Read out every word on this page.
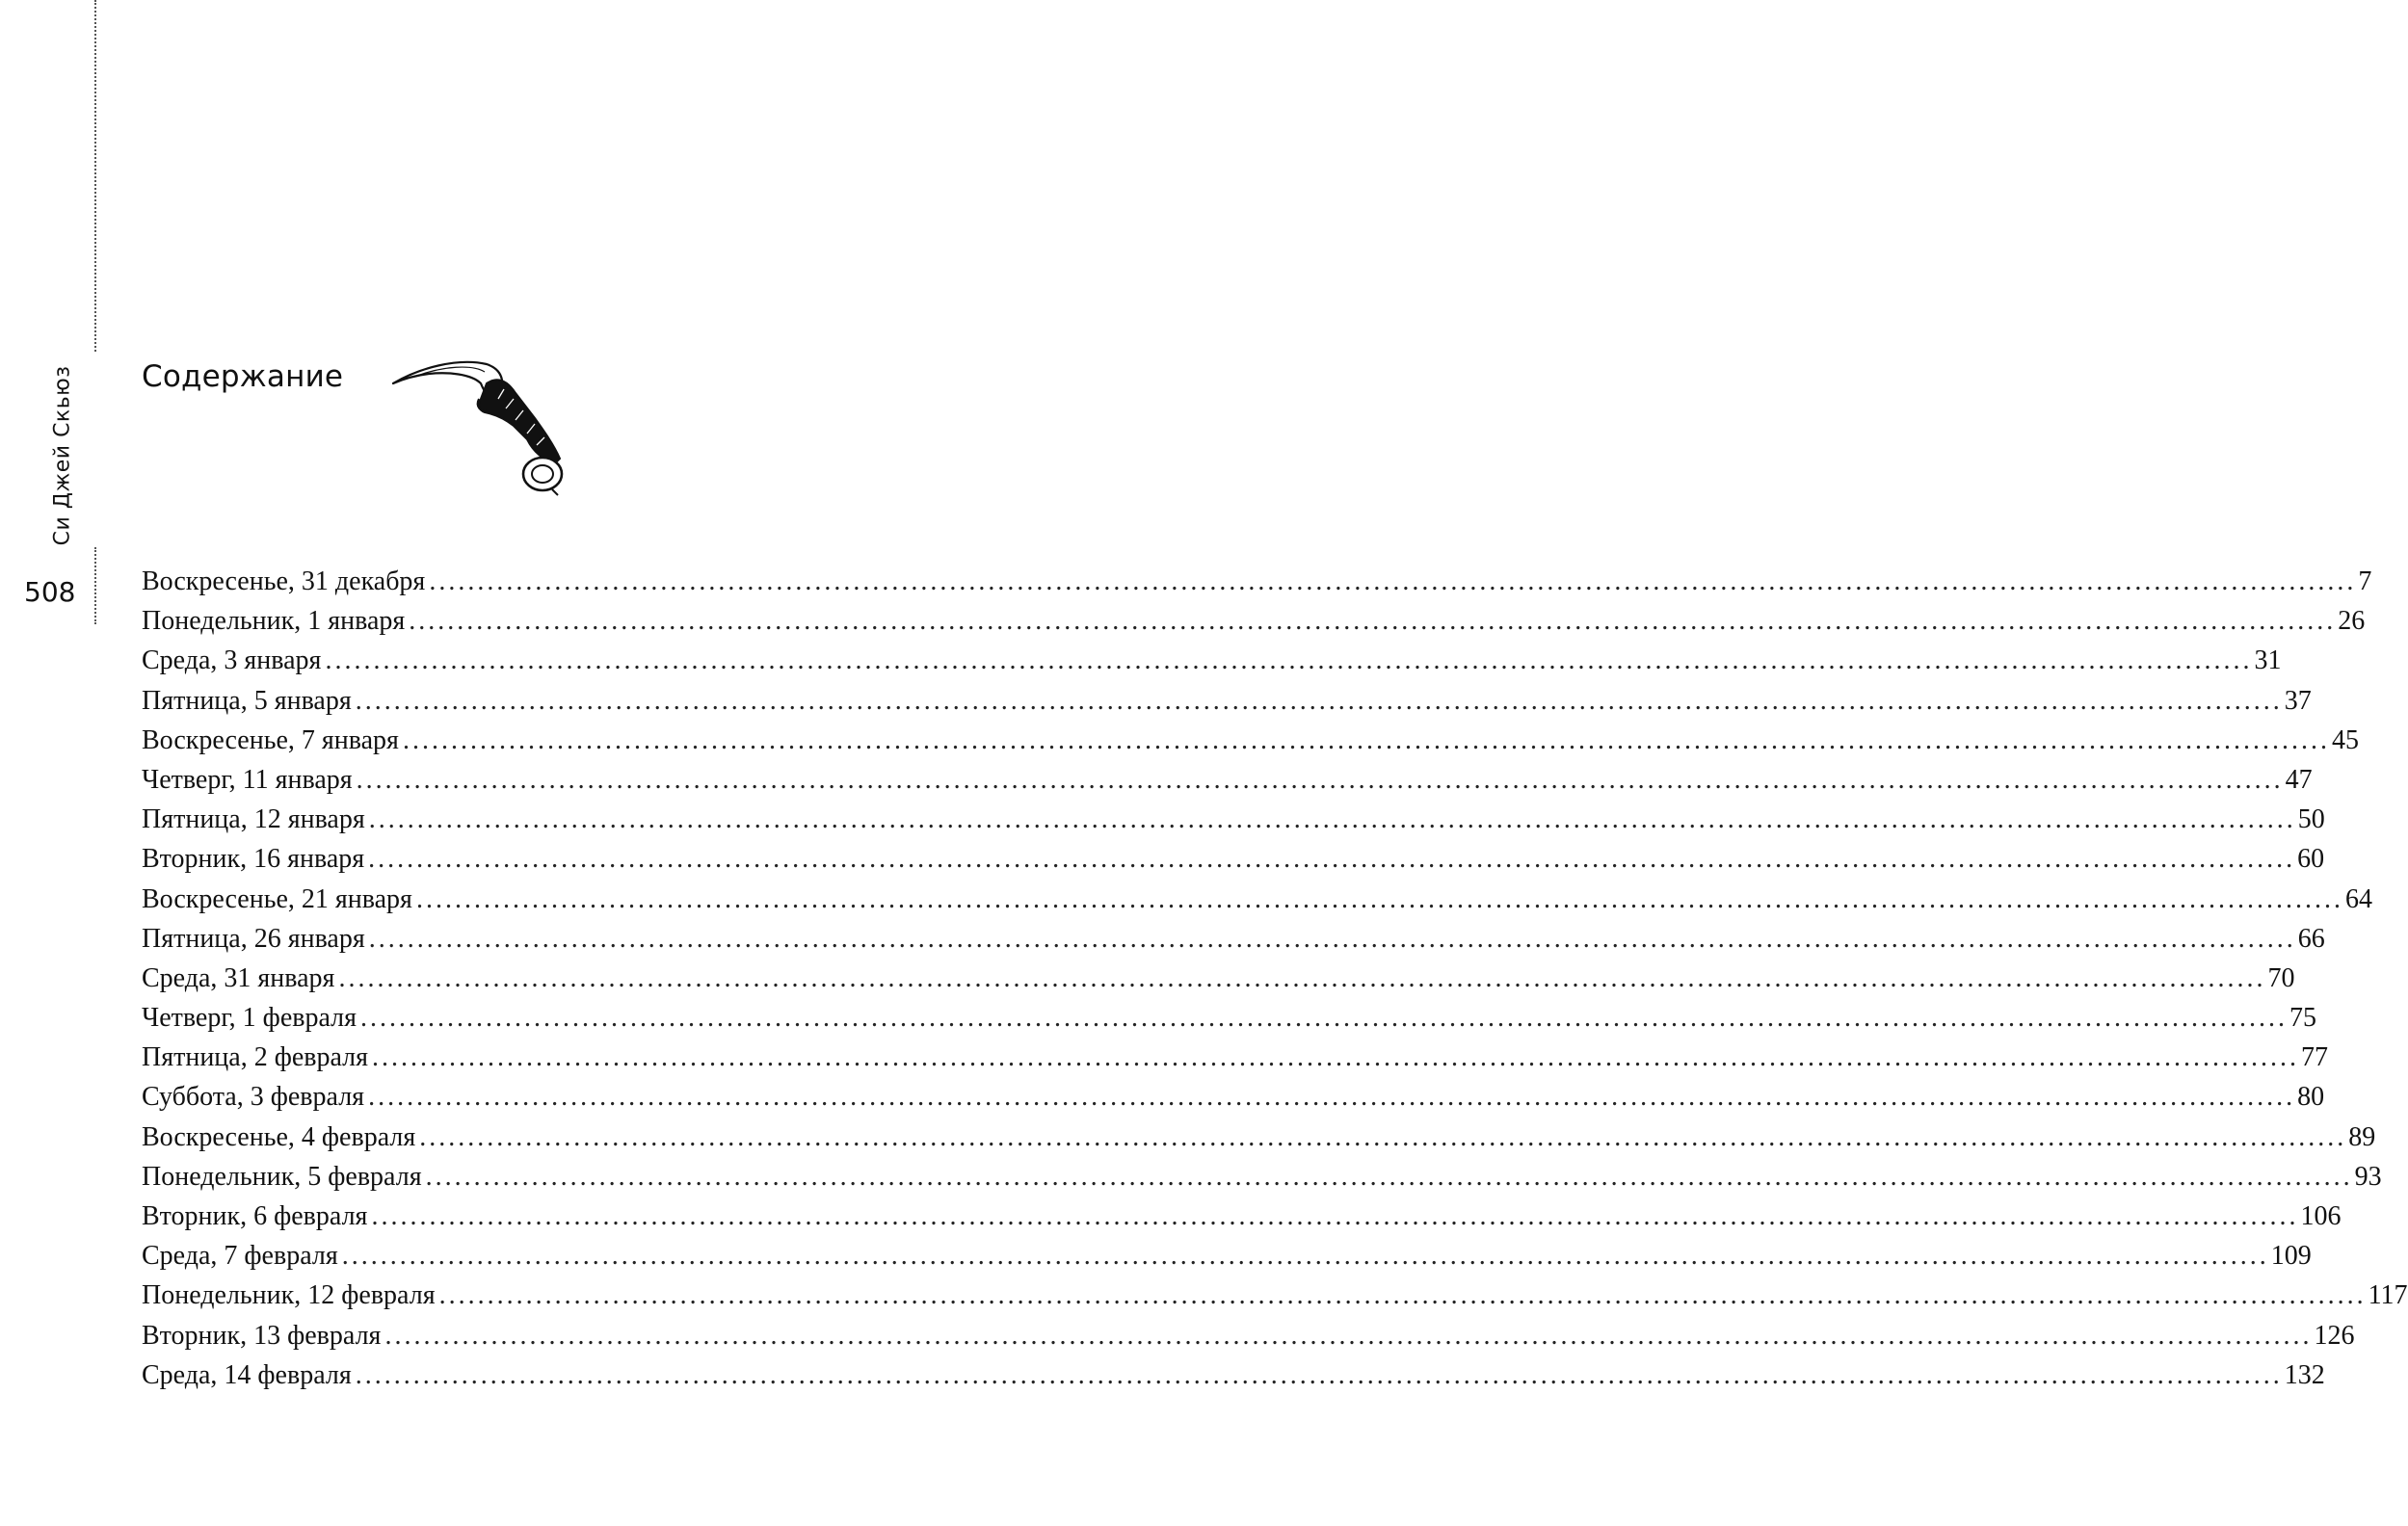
Си Джей Скьюз
508
Содержание
Воскресенье, 31 декабря ........................................................................................................................................................................................................ 7
Понедельник, 1 января ........................................................................................................................................................................................................ 26
Среда, 3 января ........................................................................................................................................................................................................ 31
Пятница, 5 января ........................................................................................................................................................................................................ 37
Воскресенье, 7 января ........................................................................................................................................................................................................ 45
Четверг, 11 января ........................................................................................................................................................................................................ 47
Пятница, 12 января ........................................................................................................................................................................................................ 50
Вторник, 16 января ........................................................................................................................................................................................................ 60
Воскресенье, 21 января ........................................................................................................................................................................................................ 64
Пятница, 26 января ........................................................................................................................................................................................................ 66
Среда, 31 января ........................................................................................................................................................................................................ 70
Четверг, 1 февраля ........................................................................................................................................................................................................ 75
Пятница, 2 февраля ........................................................................................................................................................................................................ 77
Суббота, 3 февраля ........................................................................................................................................................................................................ 80
Воскресенье, 4 февраля ........................................................................................................................................................................................................ 89
Понедельник, 5 февраля ........................................................................................................................................................................................................ 93
Вторник, 6 февраля ........................................................................................................................................................................................................ 106
Среда, 7 февраля ........................................................................................................................................................................................................ 109
Понедельник, 12 февраля ........................................................................................................................................................................................................ 117
Вторник, 13 февраля ........................................................................................................................................................................................................ 126
Среда, 14 февраля ........................................................................................................................................................................................................ 132
